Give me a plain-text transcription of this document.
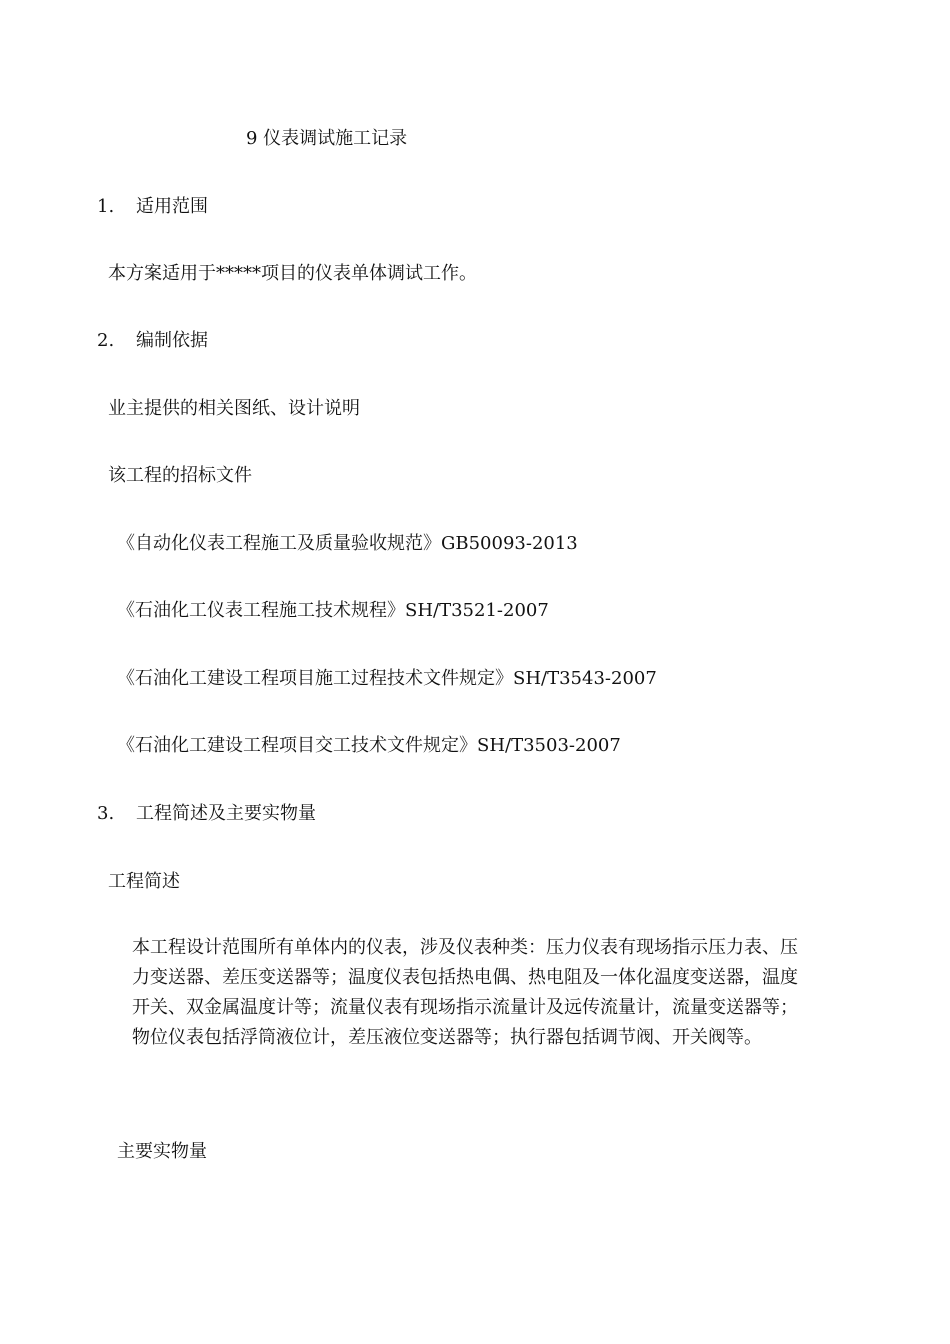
9 仪表调试施工记录
1. 适用范围
本方案适用于*****项目的仪表单体调试工作。
2. 编制依据
业主提供的相关图纸、设计说明
该工程的招标文件
《自动化仪表工程施工及质量验收规范》GB50093-2013
《石油化工仪表工程施工技术规程》SH/T3521-2007
《石油化工建设工程项目施工过程技术文件规定》SH/T3543-2007
《石油化工建设工程项目交工技术文件规定》SH/T3503-2007
3. 工程简述及主要实物量
工程简述
本工程设计范围所有单体内的仪表，涉及仪表种类：压力仪表有现场指示压力表、压
力变送器、差压变送器等；温度仪表包括热电偶、热电阻及一体化温度变送器，温度
开关、双金属温度计等；流量仪表有现场指示流量计及远传流量计，流量变送器等；
物位仪表包括浮筒液位计，差压液位变送器等；执行器包括调节阀、开关阀等。
主要实物量
